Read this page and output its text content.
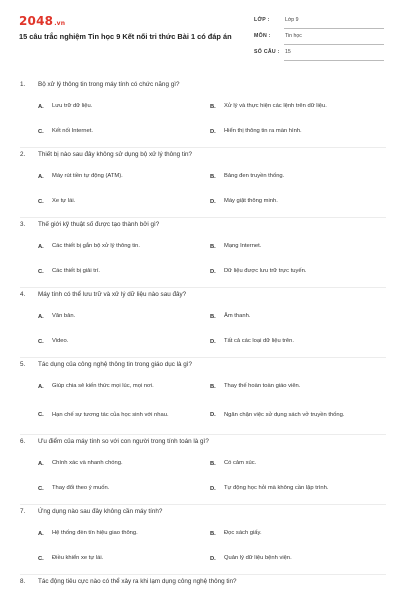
2048.vn
15 câu trắc nghiệm Tin học 9 Kết nối tri thức Bài 1 có đáp án
LỚP :	Lớp 9
MÔN :	Tin học
SỐ CÂU : 15
1. Bộ xử lý thông tin trong máy tính có chức năng gì?
A.	Lưu trữ dữ liệu.	B.	Xử lý và thực hiện các lệnh trên dữ liệu.
C.	Kết nối Internet.	D.	Hiển thị thông tin ra màn hình.
2. Thiết bị nào sau đây không sử dụng bộ xử lý thông tin?
A.	Máy rút tiền tự động (ATM).	B.	Bảng đen truyền thống.
C.	Xe tự lái.	D.	Máy giặt thông minh.
3. Thế giới kỹ thuật số được tạo thành bởi gì?
A.	Các thiết bị gắn bộ xử lý thông tin.	B.	Mạng Internet.
C.	Các thiết bị giải trí.	D.	Dữ liệu được lưu trữ trực tuyến.
4. Máy tính có thể lưu trữ và xử lý dữ liệu nào sau đây?
A.	Văn bản.	B.	Âm thanh.
C.	Video.	D.	Tất cả các loại dữ liệu trên.
5. Tác dụng của công nghệ thông tin trong giáo dục là gì?
A.	Giúp chia sẻ kiến thức mọi lúc, mọi nơi.	B.	Thay thế hoàn toàn giáo viên.
C.	Hạn chế sự tương tác của học sinh với nhau.	D.	Ngăn chặn việc sử dụng sách vở truyền thống.
6. Ưu điểm của máy tính so với con người trong tính toán là gì?
A.	Chính xác và nhanh chóng.	B.	Có cảm xúc.
C.	Thay đổi theo ý muốn.	D.	Tự động học hỏi mà không cần lập trình.
7. Ứng dụng nào sau đây không cần máy tính?
A.	Hệ thống đèn tín hiệu giao thông.	B.	Đọc sách giấy.
C.	Điều khiển xe tự lái.	D.	Quản lý dữ liệu bệnh viện.
8. Tác động tiêu cực nào có thể xảy ra khi lạm dụng công nghệ thông tin?
